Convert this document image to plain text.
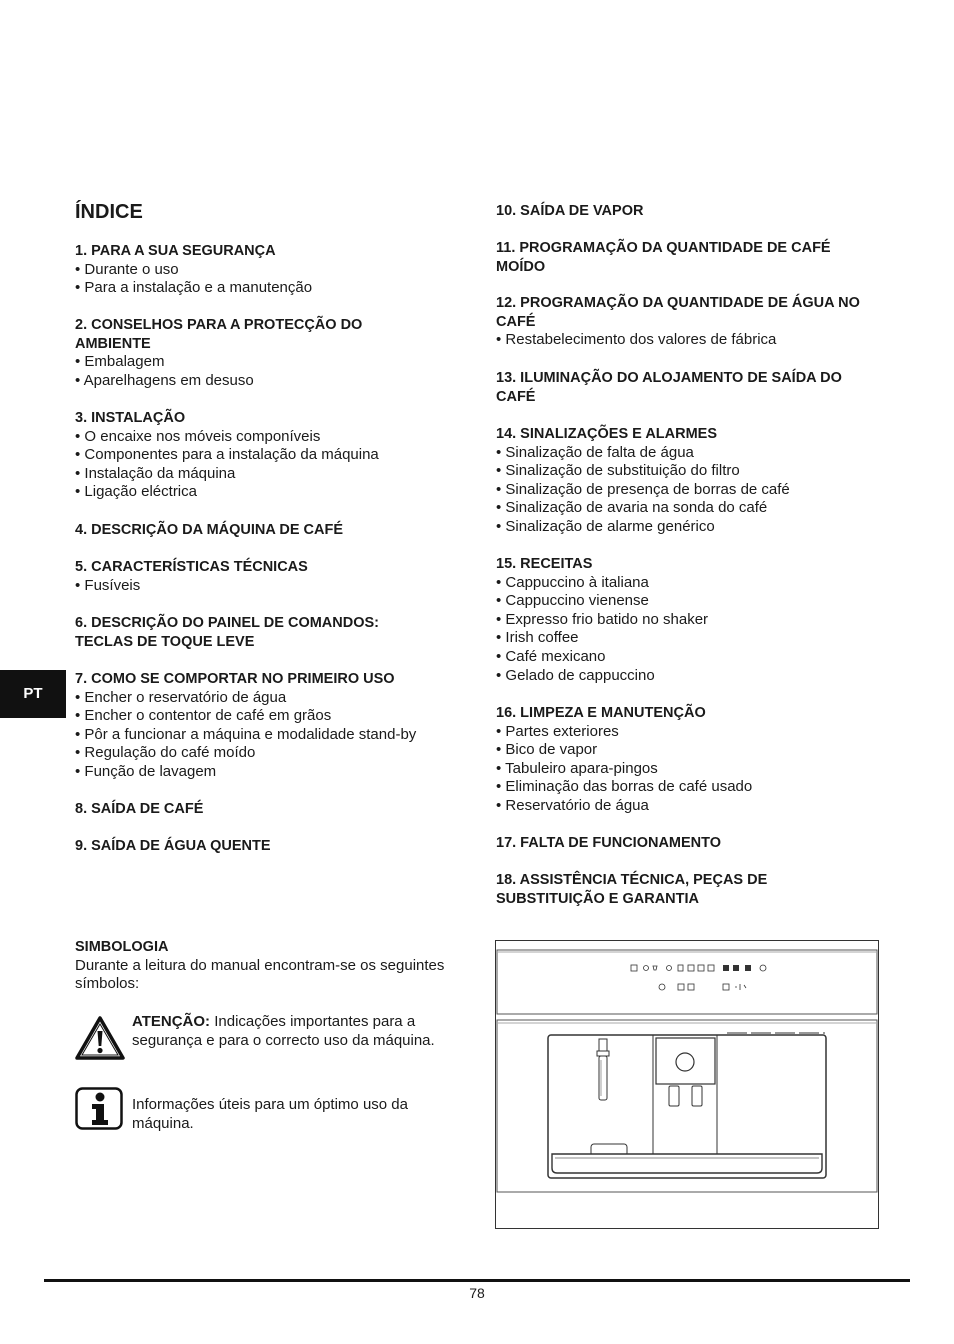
ÍNDICE
1. PARA A SUA SEGURANÇA
• Durante o uso
• Para a instalação e a manutenção
2. CONSELHOS PARA A PROTECÇÃO DO AMBIENTE
• Embalagem
• Aparelhagens em desuso
3. INSTALAÇÃO
• O encaixe nos móveis componíveis
• Componentes para a instalação da máquina
• Instalação da máquina
• Ligação eléctrica
4. DESCRIÇÃO DA MÁQUINA DE CAFÉ
5. CARACTERÍSTICAS TÉCNICAS
• Fusíveis
6. DESCRIÇÃO DO PAINEL DE COMANDOS: TECLAS DE TOQUE LEVE
7. COMO SE COMPORTAR NO PRIMEIRO USO
• Encher o reservatório de água
• Encher o contentor de café em grãos
• Pôr a funcionar a máquina e modalidade stand-by
• Regulação do café moído
• Função de lavagem
8. SAÍDA DE CAFÉ
9. SAÍDA DE ÁGUA QUENTE
10. SAÍDA DE VAPOR
11. PROGRAMAÇÃO DA QUANTIDADE DE CAFÉ MOÍDO
12. PROGRAMAÇÃO DA QUANTIDADE DE ÁGUA NO CAFÉ
• Restabelecimento dos valores de fábrica
13. ILUMINAÇÃO DO ALOJAMENTO DE SAÍDA DO CAFÉ
14. SINALIZAÇÕES E ALARMES
• Sinalização de falta de água
• Sinalização de substituição do filtro
• Sinalização de presença de borras de café
• Sinalização de avaria na sonda do café
• Sinalização de alarme genérico
15. RECEITAS
• Cappuccino à italiana
• Cappuccino vienense
• Expresso frio batido no shaker
• Irish coffee
• Café mexicano
• Gelado de cappuccino
16. LIMPEZA E MANUTENÇÃO
• Partes exteriores
• Bico de vapor
• Tabuleiro apara-pingos
• Eliminação das borras de café usado
• Reservatório de água
17. FALTA DE FUNCIONAMENTO
18. ASSISTÊNCIA TÉCNICA, PEÇAS DE SUBSTITUIÇÃO E GARANTIA
PT
SIMBOLOGIA
Durante a leitura do manual encontram-se os seguintes símbolos:
ATENÇÃO: Indicações importantes para a segurança e para o correcto uso da máquina.
Informações úteis para um óptimo uso da máquina.
78
